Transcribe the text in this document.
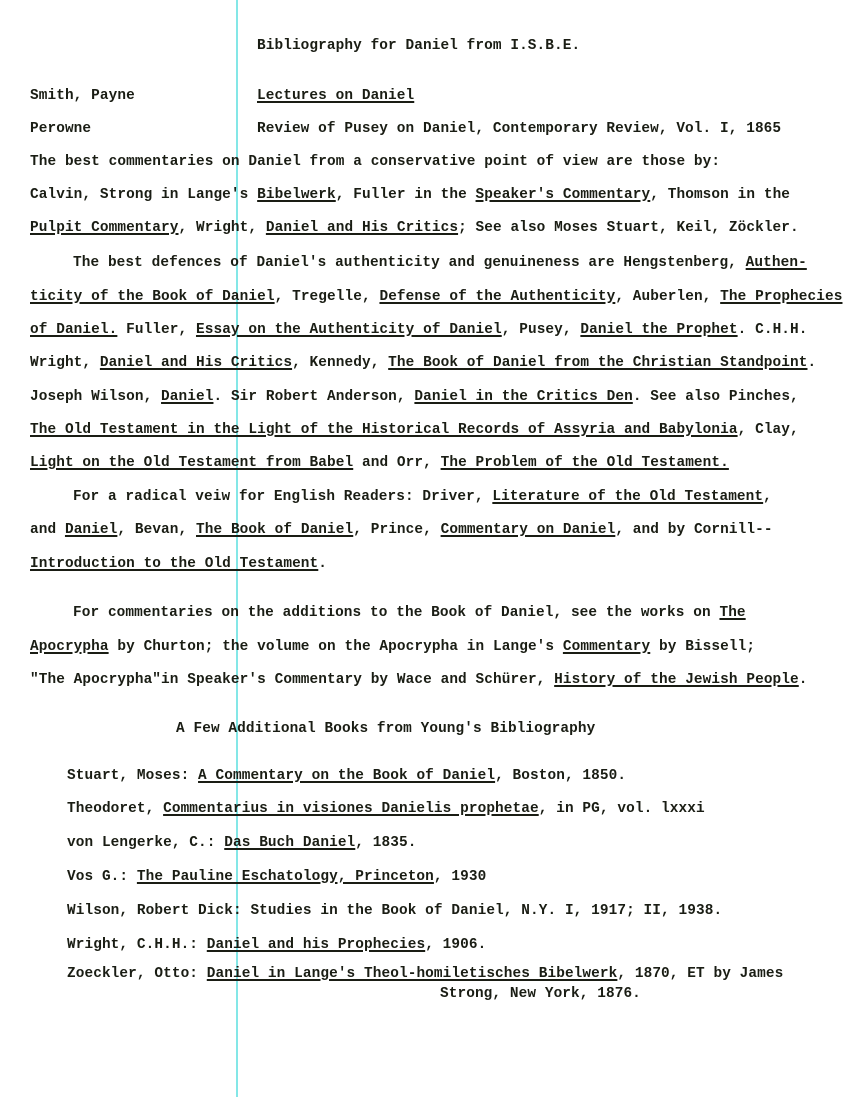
Bibliography for Daniel from I.S.B.E.
Smith, Payne	Lectures on Daniel
Perowne	Review of Pusey on Daniel, Contemporary Review, Vol. I, 1865
The best commentaries on Daniel from a conservative point of view are those by:
Calvin, Strong in Lange's Bibelwerk, Fuller in the Speaker's Commentary, Thomson in the
Pulpit Commentary, Wright, Daniel and His Critics; See also Moses Stuart, Keil, Zöckler.
The best defences of Daniel's authenticity and genuineness are Hengstenberg, Authen-
ticity of the Book of Daniel, Tregelle, Defense of the Authenticity, Auberlen, The Prophecies
of Daniel. Fuller, Essay on the Authenticity of Daniel, Pusey, Daniel the Prophet. C.H.H.
Wright, Daniel and His Critics, Kennedy, The Book of Daniel from the Christian Standpoint.
Joseph Wilson, Daniel. Sir Robert Anderson, Daniel in the Critics Den. See also Pinches,
The Old Testament in the Light of the Historical Records of Assyria and Babylonia, Clay,
Light on the Old Testament from Babel and Orr, The Problem of the Old Testament.
For a radical veiw for English Readers: Driver, Literature of the Old Testament,
and Daniel, Bevan, The Book of Daniel, Prince, Commentary on Daniel, and by Cornill--
Introduction to the Old Testament.
For commentaries on the additions to the Book of Daniel, see the works on The
Apocrypha by Churton; the volume on the Apocrypha in Lange's Commentary by Bissell;
"The Apocrypha"in Speaker's Commentary by Wace and Schürer, History of the Jewish People.
A Few Additional Books from Young's Bibliography
Stuart, Moses: A Commentary on the Book of Daniel, Boston, 1850.
Theodoret, Commentarius in visiones Danielis prophetae, in PG, vol. lxxxi
von Lengerke, C.: Das Buch Daniel, 1835.
Vos G.: The Pauline Eschatology, Princeton, 1930
Wilson, Robert Dick: Studies in the Book of Daniel, N.Y. I, 1917; II, 1938.
Wright, C.H.H.: Daniel and his Prophecies, 1906.
Zoeckler, Otto: Daniel in Lange's Theol-homiletisches Bibelwerk, 1870, ET by James
Strong, New York, 1876.
